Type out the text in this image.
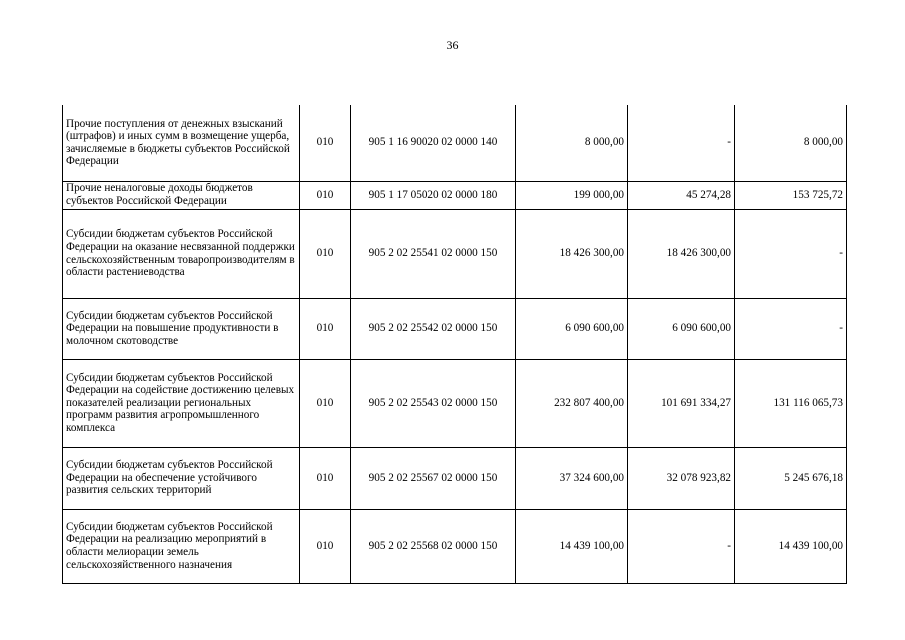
36
Прочие поступления от денежных взысканий (штрафов) и иных сумм в возмещение ущерба, зачисляемые в бюджеты субъектов Российской Федерации	010	905 1 16 90020 02 0000 140	8 000,00	-	8 000,00
Прочие неналоговые доходы бюджетов субъектов Российской Федерации	010	905 1 17 05020 02 0000 180	199 000,00	45 274,28	153 725,72
Субсидии бюджетам субъектов Российской Федерации на оказание несвязанной поддержки сельскохозяйственным товаропроизводителям в области растениеводства	010	905 2 02 25541 02 0000 150	18 426 300,00	18 426 300,00	-
Субсидии бюджетам субъектов Российской Федерации на повышение продуктивности в молочном скотоводстве	010	905 2 02 25542 02 0000 150	6 090 600,00	6 090 600,00	-
Субсидии бюджетам субъектов Российской Федерации на содействие достижению целевых показателей реализации региональных программ развития агропромышленного комплекса	010	905 2 02 25543 02 0000 150	232 807 400,00	101 691 334,27	131 116 065,73
Субсидии бюджетам субъектов Российской Федерации на обеспечение устойчивого развития сельских территорий	010	905 2 02 25567 02 0000 150	37 324 600,00	32 078 923,82	5 245 676,18
Субсидии бюджетам субъектов Российской Федерации на реализацию мероприятий в области мелиорации земель сельскохозяйственного назначения	010	905 2 02 25568 02 0000 150	14 439 100,00	-	14 439 100,00
